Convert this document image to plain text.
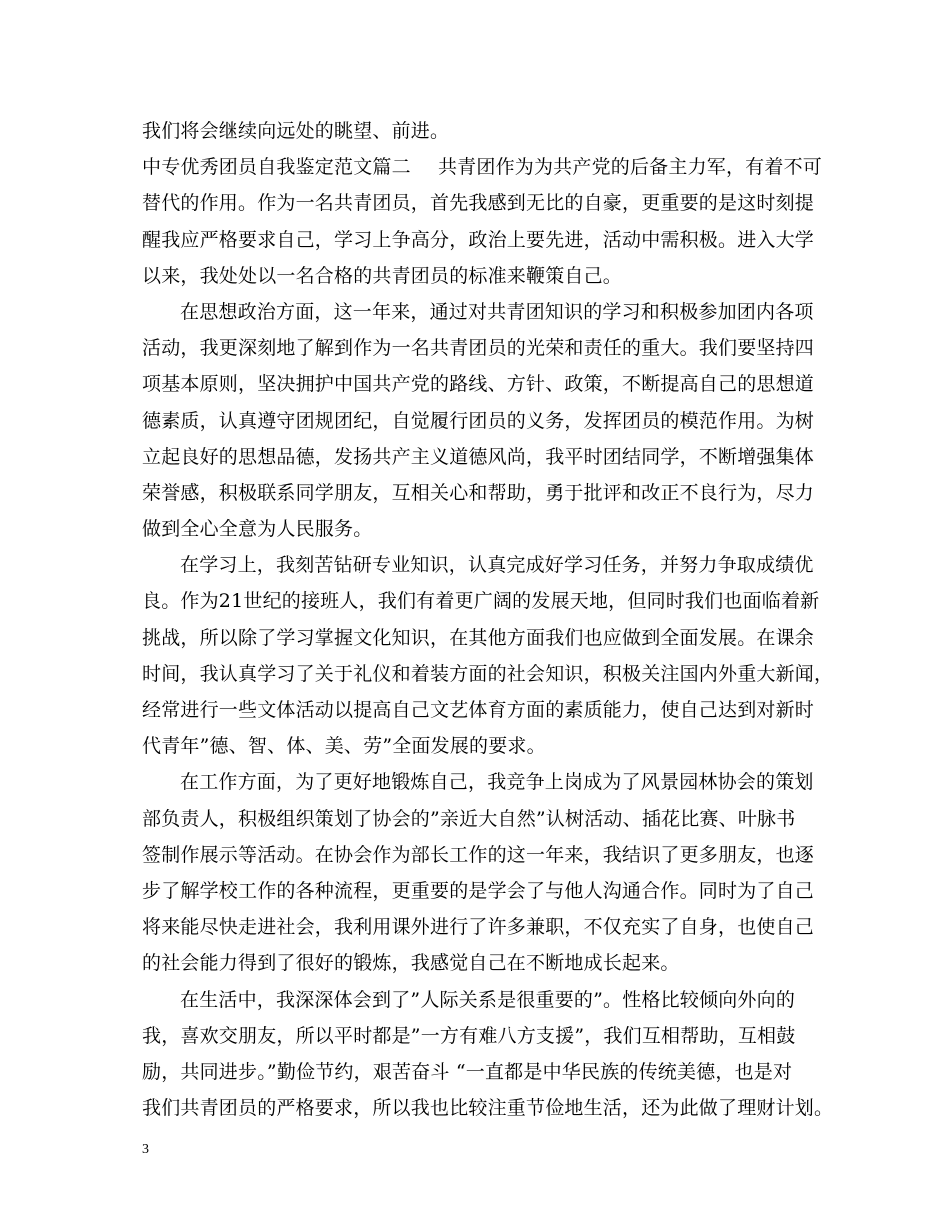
我们将会继续向远处的眺望、前进。
中专优秀团员自我鉴定范文篇二 共青团作为为共产党的后备主力军，有着不可
替代的作用。作为一名共青团员，首先我感到无比的自豪，更重要的是这时刻提
醒我应严格要求自己，学习上争高分，政治上要先进，活动中需积极。进入大学
以来，我处处以一名合格的共青团员的标准来鞭策自己。
在思想政治方面，这一年来，通过对共青团知识的学习和积极参加团内各项
活动，我更深刻地了解到作为一名共青团员的光荣和责任的重大。我们要坚持四
项基本原则，坚决拥护中国共产党的路线、方针、政策，不断提高自己的思想道
德素质，认真遵守团规团纪，自觉履行团员的义务，发挥团员的模范作用。为树
立起良好的思想品德，发扬共产主义道德风尚，我平时团结同学，不断增强集体
荣誉感，积极联系同学朋友，互相关心和帮助，勇于批评和改正不良行为，尽力
做到全心全意为人民服务。
在学习上，我刻苦钻研专业知识，认真完成好学习任务，并努力争取成绩优
良。作为21世纪的接班人，我们有着更广阔的发展天地，但同时我们也面临着新
挑战，所以除了学习掌握文化知识，在其他方面我们也应做到全面发展。在课余
时间，我认真学习了关于礼仪和着装方面的社会知识，积极关注国内外重大新闻，
经常进行一些文体活动以提高自己文艺体育方面的素质能力，使自己达到对新时
代青年”德、智、体、美、劳”全面发展的要求。
在工作方面，为了更好地锻炼自己，我竞争上岗成为了风景园林协会的策划
部负责人，积极组织策划了协会的”亲近大自然”认树活动、插花比赛、叶脉书
签制作展示等活动。在协会作为部长工作的这一年来，我结识了更多朋友，也逐
步了解学校工作的各种流程，更重要的是学会了与他人沟通合作。同时为了自己
将来能尽快走进社会，我利用课外进行了许多兼职，不仅充实了自身，也使自己
的社会能力得到了很好的锻炼，我感觉自己在不断地成长起来。
在生活中，我深深体会到了”人际关系是很重要的”。性格比较倾向外向的
我，喜欢交朋友，所以平时都是”一方有难八方支援”，我们互相帮助，互相鼓
励，共同进步。”勤俭节约，艰苦奋斗 “一直都是中华民族的传统美德，也是对
我们共青团员的严格要求，所以我也比较注重节俭地生活，还为此做了理财计划。
3
